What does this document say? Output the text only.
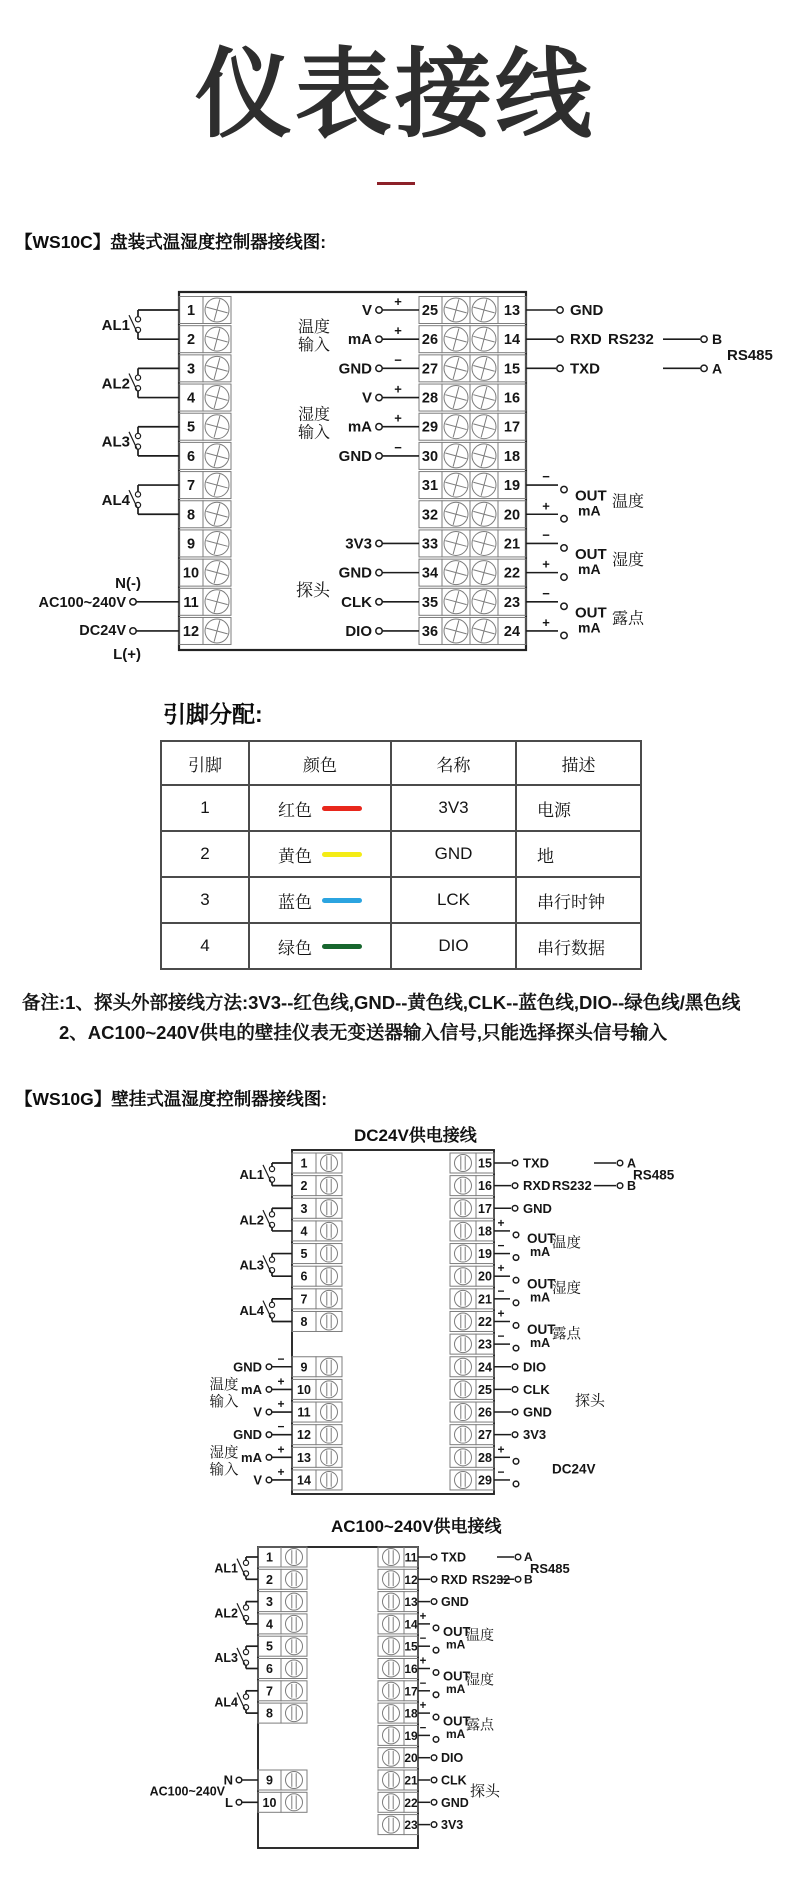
仪表接线
【WS10C】盘装式温湿度控制器接线图:
1	25	13
2	26	14
3	27	15
4	28	16
5	29	17
6	30	18
7	31	19
8	32	20
9	33	21
10	34	22
11	35	23
12	36	24
AL1
AL2
AL3
AL4
N(-)
AC100~240V
DC24V
L(+)
温度
输入
V
+
mA
+
GND
−
湿度
输入
V
+
mA
+
GND
−
探头
3V3
GND
CLK
DIO
GND
RXD
TXD
RS232	B
A
RS485
−
+
OUT
mA 温度
−
+
OUT
mA 湿度
−
+
OUT
mA 露点
引脚分配:
引脚	颜色	名称	描述
1	红色	3V3	电源
2	黄色	GND	地
3	蓝色	LCK	串行时钟
4	绿色	DIO	串行数据
备注:1、探头外部接线方法:3V3--红色线,GND--黄色线,CLK--蓝色线,DIO--绿色线/黑色线
2、AC100~240V供电的壁挂仪表无变送器输入信号,只能选择探头信号输入
【WS10G】壁挂式温湿度控制器接线图:
DC24V供电接线
15
16
17
18
19
20
21
22
23
24
25
26
27
28
29
1
2
3
4
5
6
7
8
9
10
11
12
13
14
AL1
AL2
AL3
AL4
GND
−
mA
+
V
+
GND
−
mA
+
V
+
温度
输入
湿度
输入
TXD
RXD
GND
RS232
A
B
RS485
+
− OUT
mA
温度
+
− OUT
mA
湿度
+
− OUT
mA
露点
DIO
CLK
GND
3V3
探头
+
−	DC24V
AC100~240V供电接线
11
12
13
14
15
16
17
18
19
20
21
22
23
1
2
3
4
5
6
7
8
9
10
AL1
AL2
AL3
AL4
N
L
AC100~240V
TXD
RXD
GND
RS232
A
B
RS485
+
−
OUT
mA
温度
+
−
OUT
mA
湿度
+
−
OUT
mA
露点
DIO
CLK
GND
3V3
探头
